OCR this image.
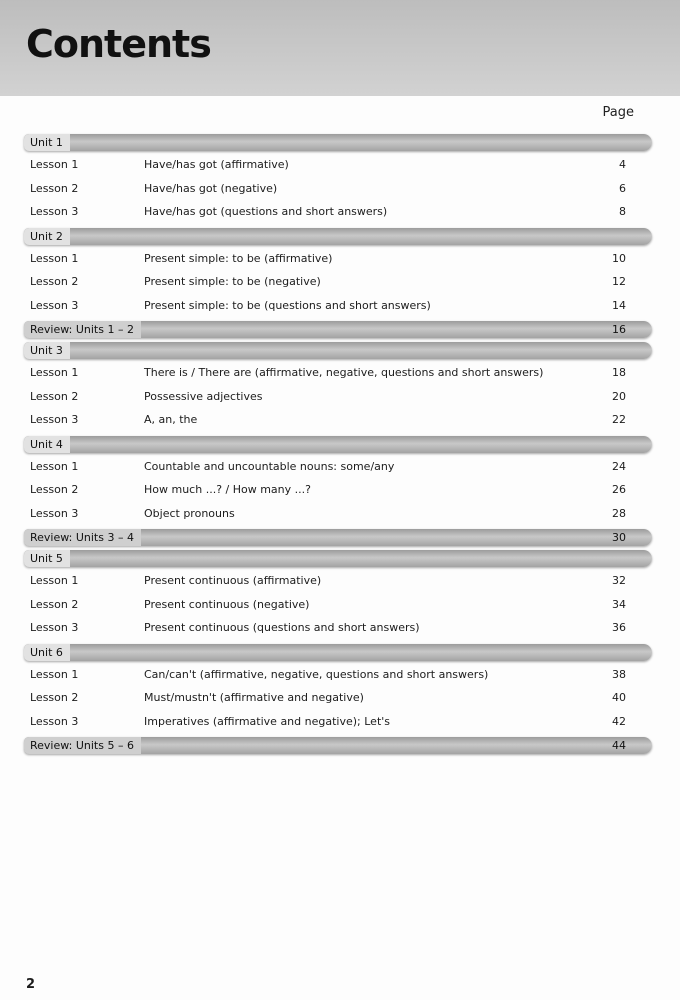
Contents
Page
Unit 1
Lesson 1	Have/has got (affirmative)	4
Lesson 2	Have/has got (negative)	6
Lesson 3	Have/has got (questions and short answers)	8
Unit 2
Lesson 1	Present simple: to be (affirmative)	10
Lesson 2	Present simple: to be (negative)	12
Lesson 3	Present simple: to be (questions and short answers)	14
Review: Units 1 – 2	16
Unit 3
Lesson 1	There is / There are (affirmative, negative, questions and short answers)	18
Lesson 2	Possessive adjectives	20
Lesson 3	A, an, the	22
Unit 4
Lesson 1	Countable and uncountable nouns: some/any	24
Lesson 2	How much ...? / How many ...?	26
Lesson 3	Object pronouns	28
Review: Units 3 – 4	30
Unit 5
Lesson 1	Present continuous (affirmative)	32
Lesson 2	Present continuous (negative)	34
Lesson 3	Present continuous (questions and short answers)	36
Unit 6
Lesson 1	Can/can't (affirmative, negative, questions and short answers)	38
Lesson 2	Must/mustn't (affirmative and negative)	40
Lesson 3	Imperatives (affirmative and negative); Let's	42
Review: Units 5 – 6	44
2
